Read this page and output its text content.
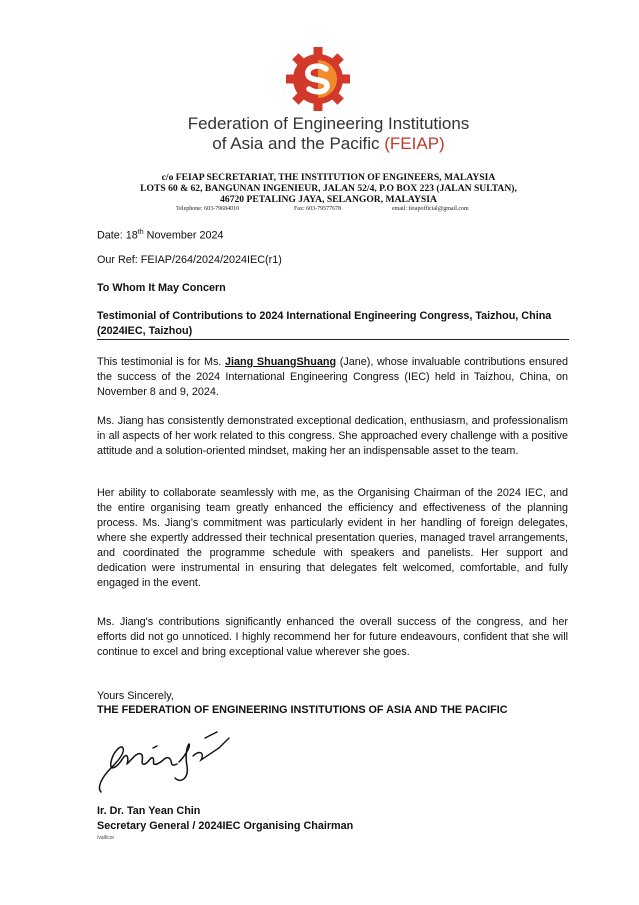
Federation of Engineering Institutions
of Asia and the Pacific (FEIAP)
c/o FEIAP SECRETARIAT, THE INSTITUTION OF ENGINEERS, MALAYSIA
LOTS 60 & 62, BANGUNAN INGENIEUR, JALAN 52/4, P.O BOX 223 (JALAN SULTAN),
46720 PETALING JAYA, SELANGOR, MALAYSIA
Telephone: 603-79684010	Fax: 603-79577678	email: feiapofficial@gmail.com
Date: 18th November 2024
Our Ref: FEIAP/264/2024/2024IEC(r1)
To Whom It May Concern
Testimonial of Contributions to 2024 International Engineering Congress, Taizhou, China (2024IEC, Taizhou)
This testimonial is for Ms. Jiang ShuangShuang (Jane), whose invaluable contributions ensured the success of the 2024 International Engineering Congress (IEC) held in Taizhou, China, on November 8 and 9, 2024.
Ms. Jiang has consistently demonstrated exceptional dedication, enthusiasm, and professionalism in all aspects of her work related to this congress. She approached every challenge with a positive attitude and a solution-oriented mindset, making her an indispensable asset to the team.
Her ability to collaborate seamlessly with me, as the Organising Chairman of the 2024 IEC, and the entire organising team greatly enhanced the efficiency and effectiveness of the planning process. Ms. Jiang’s commitment was particularly evident in her handling of foreign delegates, where she expertly addressed their technical presentation queries, managed travel arrangements, and coordinated the programme schedule with speakers and panelists. Her support and dedication were instrumental in ensuring that delegates felt welcomed, comfortable, and fully engaged in the event.
Ms. Jiang's contributions significantly enhanced the overall success of the congress, and her efforts did not go unnoticed. I highly recommend her for future endeavours, confident that she will continue to excel and bring exceptional value wherever she goes.
Yours Sincerely,
THE FEDERATION OF ENGINEERING INSTITUTIONS OF ASIA AND THE PACIFIC
Ir. Dr. Tan Yean Chin
Secretary General / 2024IEC Organising Chairman
/vall/cor
